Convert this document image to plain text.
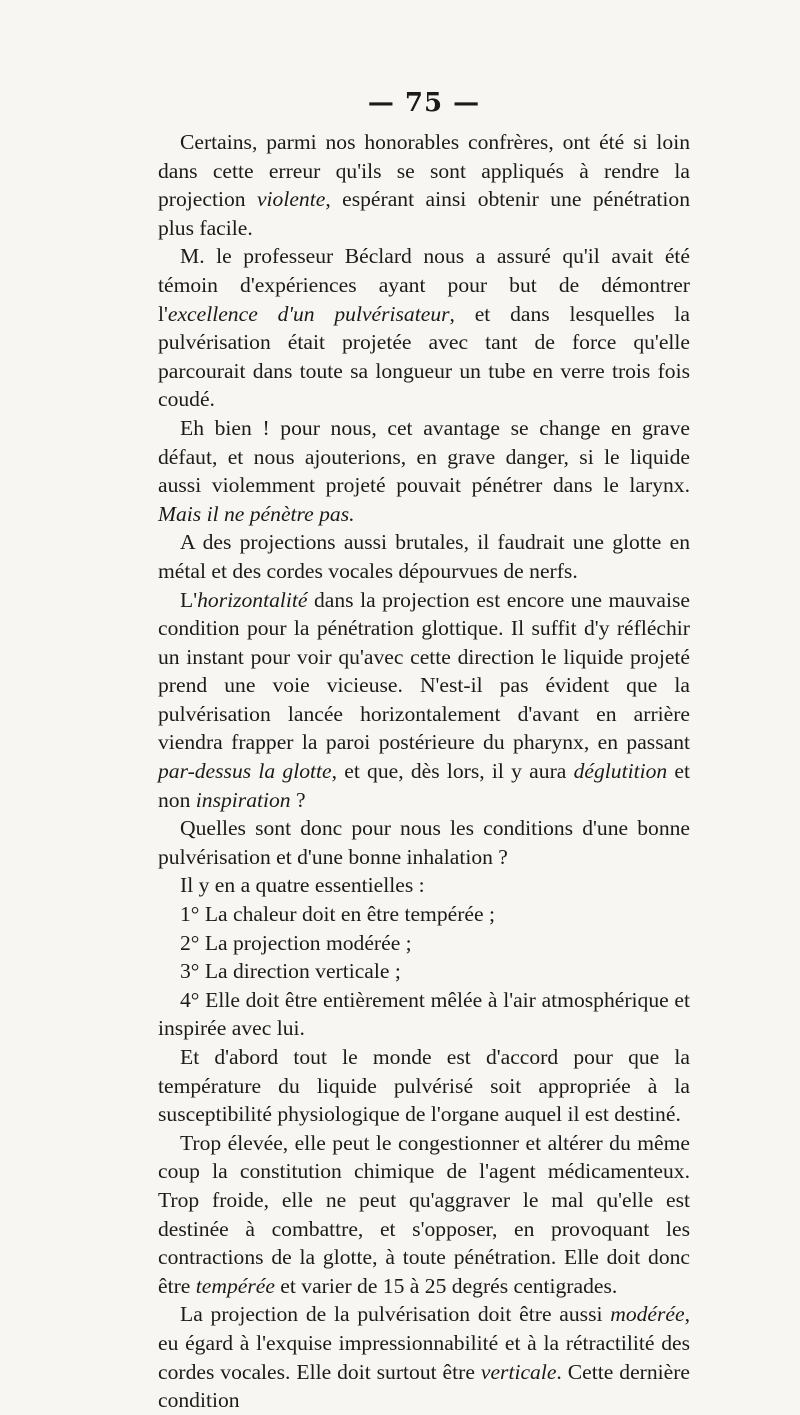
— 75 —

Certains, parmi nos honorables confrères, ont été si loin dans cette erreur qu'ils se sont appliqués à rendre la projection violente, espérant ainsi obtenir une pénétration plus facile.

M. le professeur Béclard nous a assuré qu'il avait été témoin d'expériences ayant pour but de démontrer l'excellence d'un pulvérisateur, et dans lesquelles la pulvérisation était projetée avec tant de force qu'elle parcourait dans toute sa longueur un tube en verre trois fois coudé.

Eh bien ! pour nous, cet avantage se change en grave défaut, et nous ajouterions, en grave danger, si le liquide aussi violemment projeté pouvait pénétrer dans le larynx. Mais il ne pénètre pas.

A des projections aussi brutales, il faudrait une glotte en métal et des cordes vocales dépourvues de nerfs.

L'horizontalité dans la projection est encore une mauvaise condition pour la pénétration glottique. Il suffit d'y réfléchir un instant pour voir qu'avec cette direction le liquide projeté prend une voie vicieuse. N'est-il pas évident que la pulvérisation lancée horizontalement d'avant en arrière viendra frapper la paroi postérieure du pharynx, en passant par-dessus la glotte, et que, dès lors, il y aura déglutition et non inspiration ?

Quelles sont donc pour nous les conditions d'une bonne pulvérisation et d'une bonne inhalation ?

Il y en a quatre essentielles :

1° La chaleur doit en être tempérée ;

2° La projection modérée ;

3° La direction verticale ;

4° Elle doit être entièrement mêlée à l'air atmosphérique et inspirée avec lui.

Et d'abord tout le monde est d'accord pour que la température du liquide pulvérisé soit appropriée à la susceptibilité physiologique de l'organe auquel il est destiné.

Trop élevée, elle peut le congestionner et altérer du même coup la constitution chimique de l'agent médicamenteux. Trop froide, elle ne peut qu'aggraver le mal qu'elle est destinée à combattre, et s'opposer, en provoquant les contractions de la glotte, à toute pénétration. Elle doit donc être tempérée et varier de 15 à 25 degrés centigrades.

La projection de la pulvérisation doit être aussi modérée, eu égard à l'exquise impressionnabilité et à la rétractilité des cordes vocales. Elle doit surtout être verticale. Cette dernière condition
